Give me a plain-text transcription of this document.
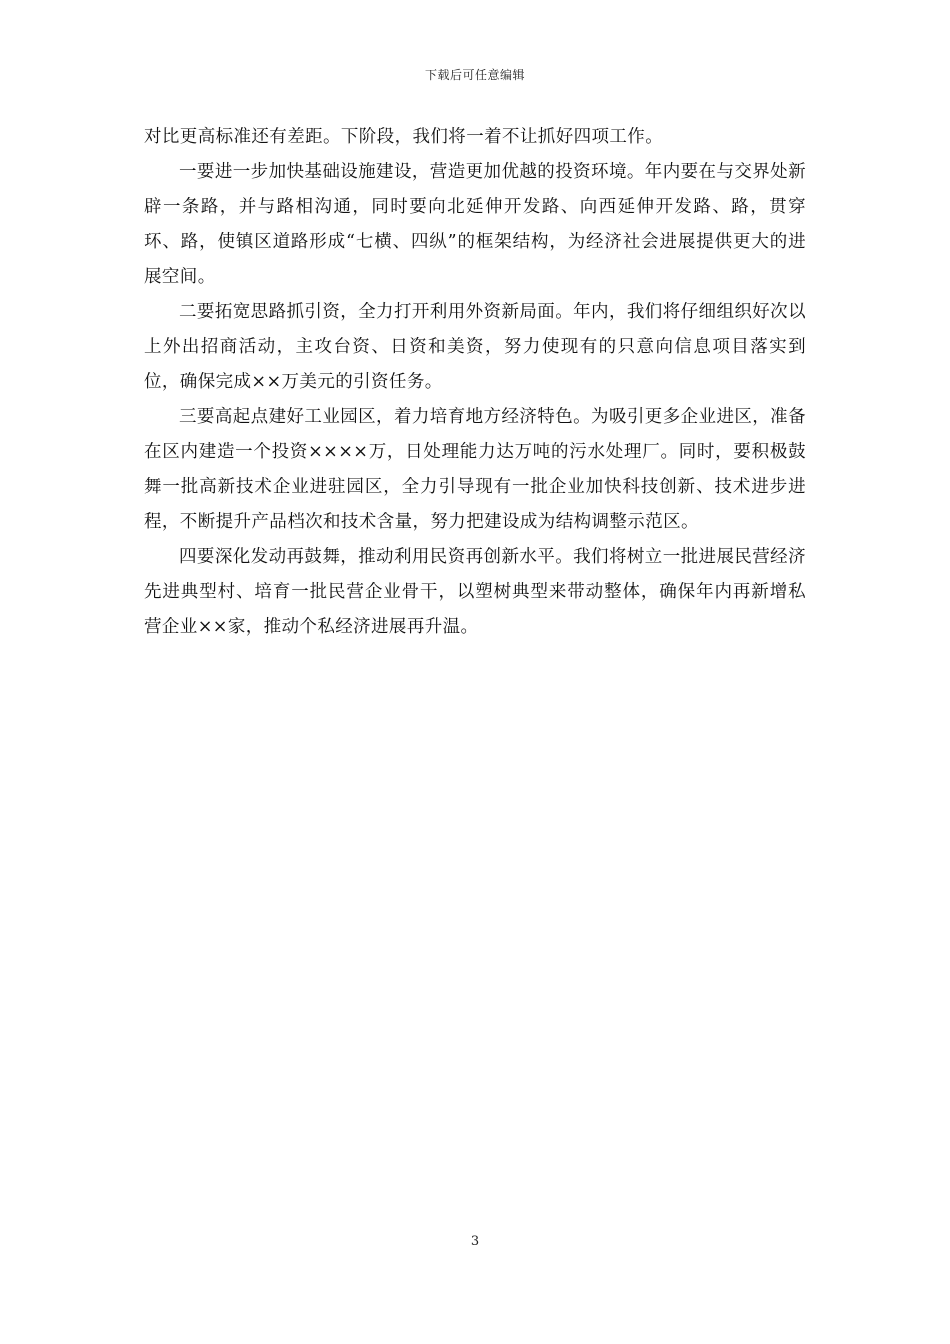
下载后可任意编辑

对比更高标准还有差距。下阶段，我们将一着不让抓好四项工作。

一要进一步加快基础设施建设，营造更加优越的投资环境。年内要在与交界处新辟一条路，并与路相沟通，同时要向北延伸开发路、向西延伸开发路、路，贯穿环、路，使镇区道路形成“七横、四纵”的框架结构，为经济社会进展提供更大的进展空间。

二要拓宽思路抓引资，全力打开利用外资新局面。年内，我们将仔细组织好次以上外出招商活动，主攻台资、日资和美资，努力使现有的只意向信息项目落实到位，确保完成××万美元的引资任务。

三要高起点建好工业园区，着力培育地方经济特色。为吸引更多企业进区，准备在区内建造一个投资××××万，日处理能力达万吨的污水处理厂。同时，要积极鼓舞一批高新技术企业进驻园区，全力引导现有一批企业加快科技创新、技术进步进程，不断提升产品档次和技术含量，努力把建设成为结构调整示范区。

四要深化发动再鼓舞，推动利用民资再创新水平。我们将树立一批进展民营经济先进典型村、培育一批民营企业骨干，以塑树典型来带动整体，确保年内再新增私营企业××家，推动个私经济进展再升温。

3
